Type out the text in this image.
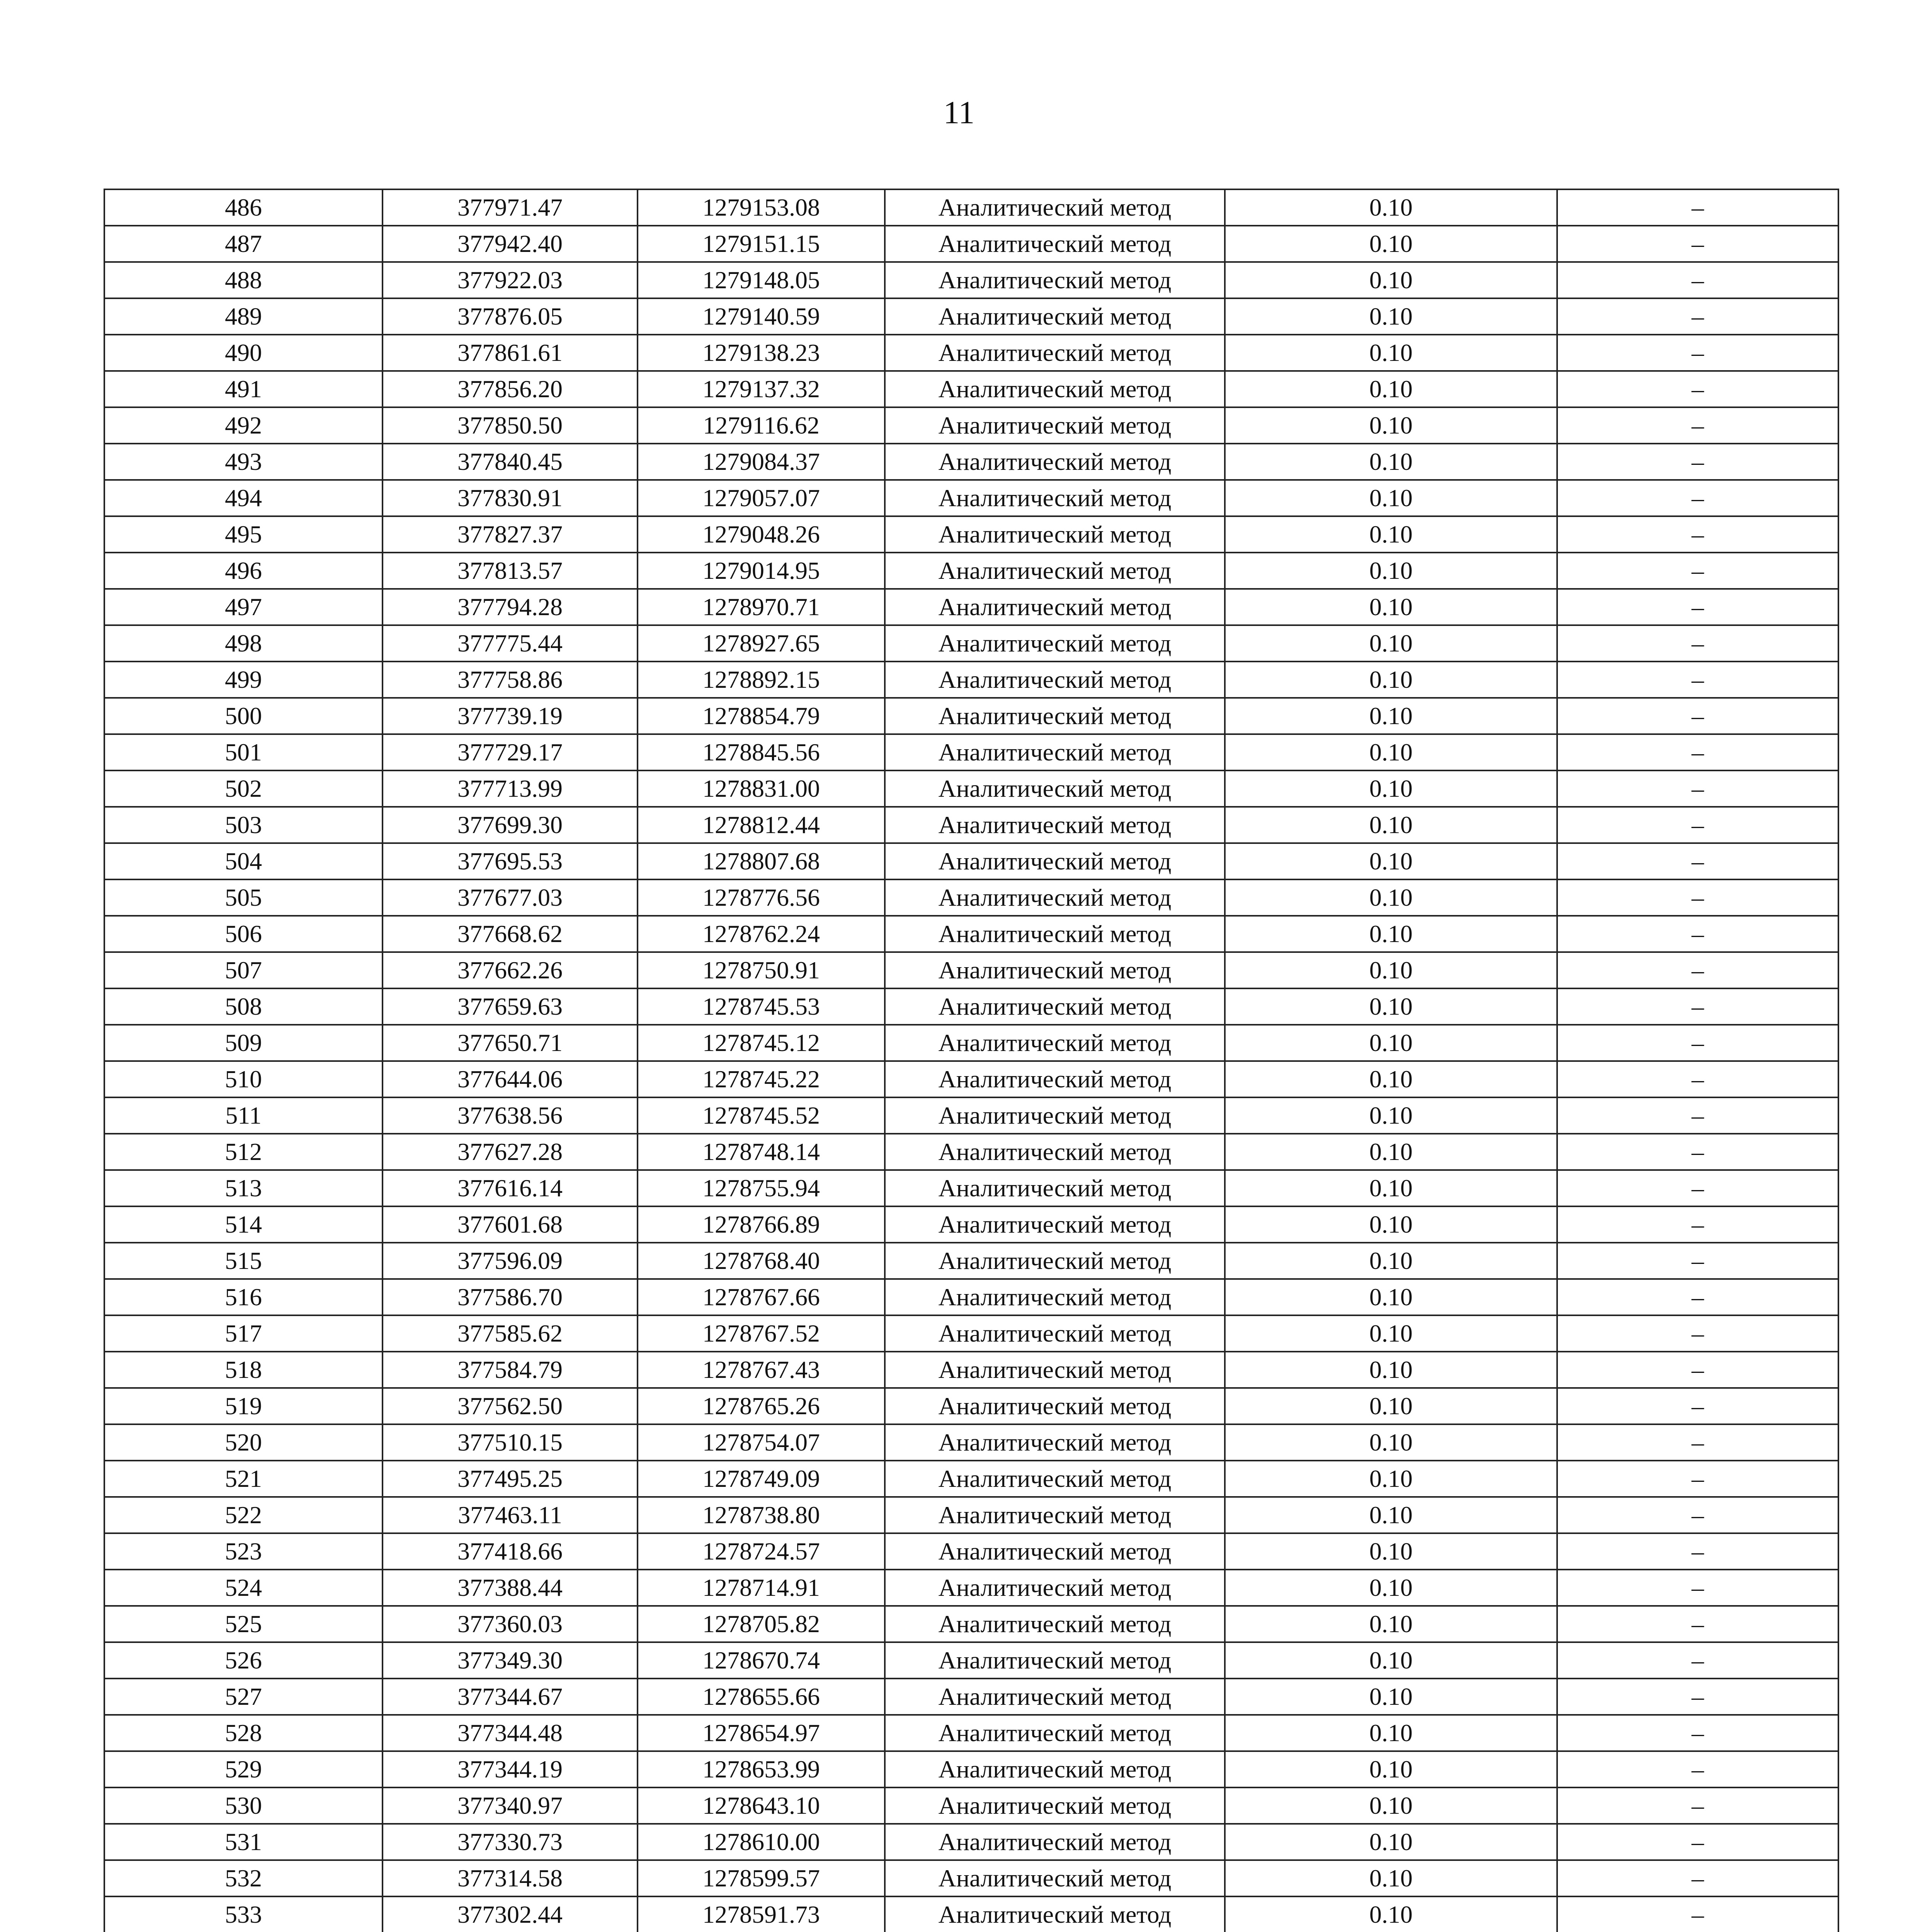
11
486	377971.47	1279153.08	Аналитический метод	0.10	–
487	377942.40	1279151.15	Аналитический метод	0.10	–
488	377922.03	1279148.05	Аналитический метод	0.10	–
489	377876.05	1279140.59	Аналитический метод	0.10	–
490	377861.61	1279138.23	Аналитический метод	0.10	–
491	377856.20	1279137.32	Аналитический метод	0.10	–
492	377850.50	1279116.62	Аналитический метод	0.10	–
493	377840.45	1279084.37	Аналитический метод	0.10	–
494	377830.91	1279057.07	Аналитический метод	0.10	–
495	377827.37	1279048.26	Аналитический метод	0.10	–
496	377813.57	1279014.95	Аналитический метод	0.10	–
497	377794.28	1278970.71	Аналитический метод	0.10	–
498	377775.44	1278927.65	Аналитический метод	0.10	–
499	377758.86	1278892.15	Аналитический метод	0.10	–
500	377739.19	1278854.79	Аналитический метод	0.10	–
501	377729.17	1278845.56	Аналитический метод	0.10	–
502	377713.99	1278831.00	Аналитический метод	0.10	–
503	377699.30	1278812.44	Аналитический метод	0.10	–
504	377695.53	1278807.68	Аналитический метод	0.10	–
505	377677.03	1278776.56	Аналитический метод	0.10	–
506	377668.62	1278762.24	Аналитический метод	0.10	–
507	377662.26	1278750.91	Аналитический метод	0.10	–
508	377659.63	1278745.53	Аналитический метод	0.10	–
509	377650.71	1278745.12	Аналитический метод	0.10	–
510	377644.06	1278745.22	Аналитический метод	0.10	–
511	377638.56	1278745.52	Аналитический метод	0.10	–
512	377627.28	1278748.14	Аналитический метод	0.10	–
513	377616.14	1278755.94	Аналитический метод	0.10	–
514	377601.68	1278766.89	Аналитический метод	0.10	–
515	377596.09	1278768.40	Аналитический метод	0.10	–
516	377586.70	1278767.66	Аналитический метод	0.10	–
517	377585.62	1278767.52	Аналитический метод	0.10	–
518	377584.79	1278767.43	Аналитический метод	0.10	–
519	377562.50	1278765.26	Аналитический метод	0.10	–
520	377510.15	1278754.07	Аналитический метод	0.10	–
521	377495.25	1278749.09	Аналитический метод	0.10	–
522	377463.11	1278738.80	Аналитический метод	0.10	–
523	377418.66	1278724.57	Аналитический метод	0.10	–
524	377388.44	1278714.91	Аналитический метод	0.10	–
525	377360.03	1278705.82	Аналитический метод	0.10	–
526	377349.30	1278670.74	Аналитический метод	0.10	–
527	377344.67	1278655.66	Аналитический метод	0.10	–
528	377344.48	1278654.97	Аналитический метод	0.10	–
529	377344.19	1278653.99	Аналитический метод	0.10	–
530	377340.97	1278643.10	Аналитический метод	0.10	–
531	377330.73	1278610.00	Аналитический метод	0.10	–
532	377314.58	1278599.57	Аналитический метод	0.10	–
533	377302.44	1278591.73	Аналитический метод	0.10	–
